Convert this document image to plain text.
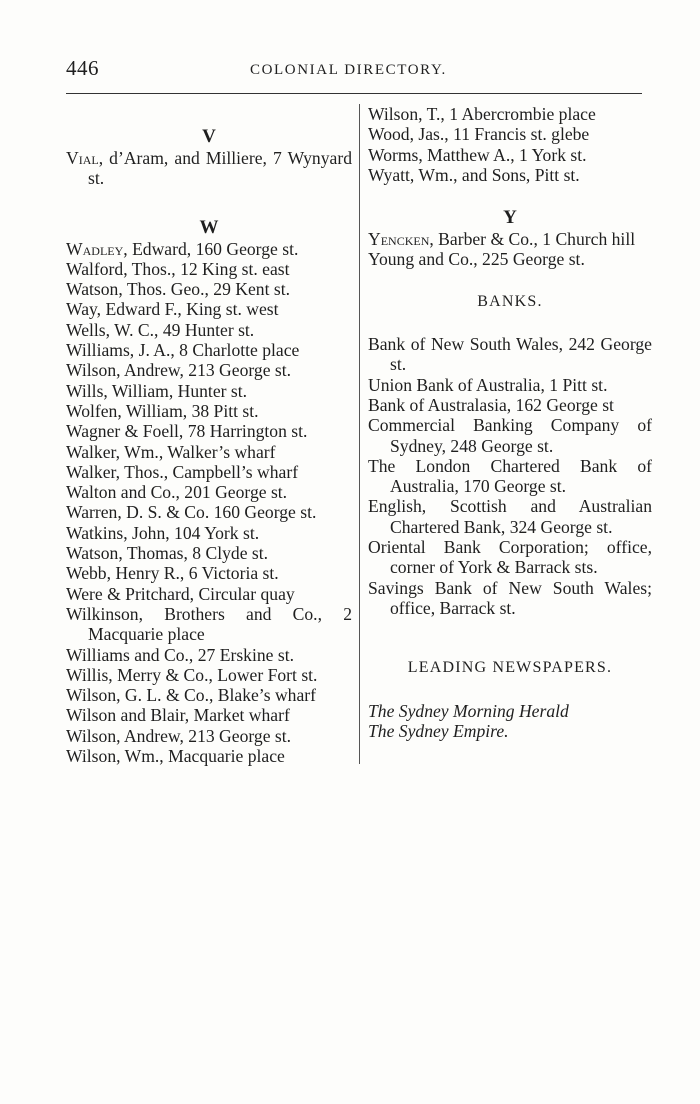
446	COLONIAL DIRECTORY.
V
Vial, d’Aram, and Milliere, 7 Wynyard st.
W
Wadley, Edward, 160 George st.
Walford, Thos., 12 King st. east
Watson, Thos. Geo., 29 Kent st.
Way, Edward F., King st. west
Wells, W. C., 49 Hunter st.
Williams, J. A., 8 Charlotte place
Wilson, Andrew, 213 George st.
Wills, William, Hunter st.
Wolfen, William, 38 Pitt st.
Wagner & Foell, 78 Harrington st.
Walker, Wm., Walker’s wharf
Walker, Thos., Campbell’s wharf
Walton and Co., 201 George st.
Warren, D. S. & Co. 160 George st.
Watkins, John, 104 York st.
Watson, Thomas, 8 Clyde st.
Webb, Henry R., 6 Victoria st.
Were & Pritchard, Circular quay
Wilkinson, Brothers and Co., 2 Macquarie place
Williams and Co., 27 Erskine st.
Willis, Merry & Co., Lower Fort st.
Wilson, G. L. & Co., Blake’s wharf
Wilson and Blair, Market wharf
Wilson, Andrew, 213 George st.
Wilson, Wm., Macquarie place
Wilson, T., 1 Abercrombie place
Wood, Jas., 11 Francis st. glebe
Worms, Matthew A., 1 York st.
Wyatt, Wm., and Sons, Pitt st.
Y
Yencken, Barber & Co., 1 Church hill
Young and Co., 225 George st.
BANKS.
Bank of New South Wales, 242 George st.
Union Bank of Australia, 1 Pitt st.
Bank of Australasia, 162 George st
Commercial Banking Company of Sydney, 248 George st.
The London Chartered Bank of Australia, 170 George st.
English, Scottish and Australian Chartered Bank, 324 George st.
Oriental Bank Corporation; office, corner of York & Barrack sts.
Savings Bank of New South Wales; office, Barrack st.
LEADING NEWSPAPERS.
The Sydney Morning Herald
The Sydney Empire.
